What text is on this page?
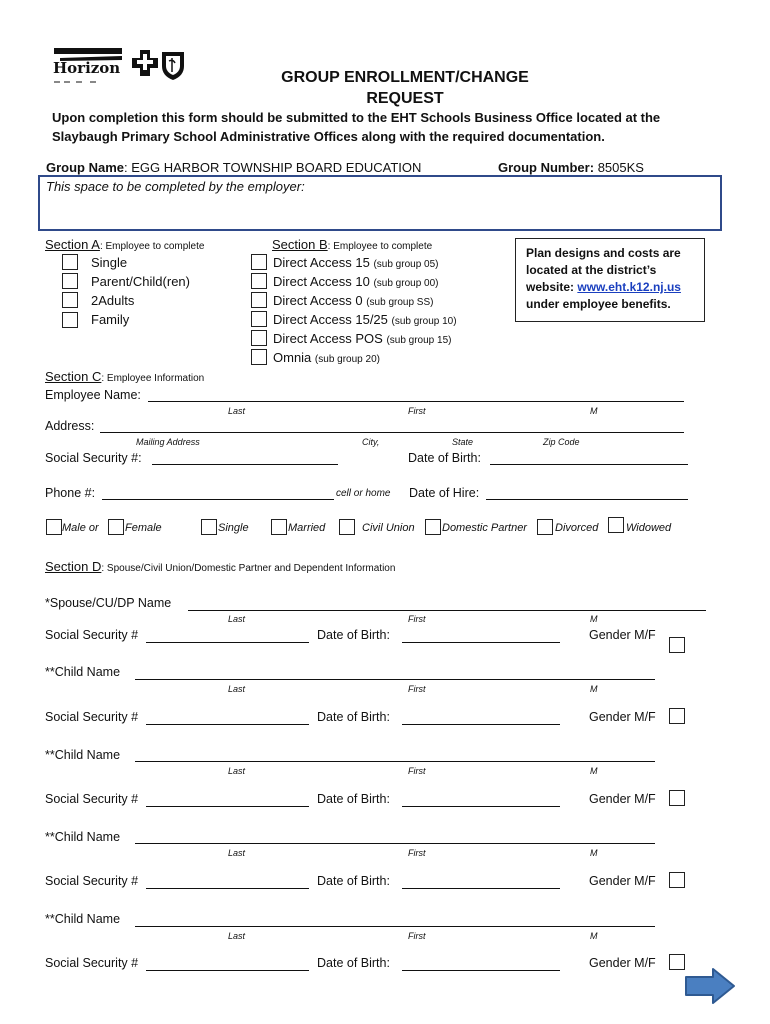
Horizon
GROUP ENROLLMENT/CHANGE
REQUEST
Upon completion this form should be submitted to the EHT Schools Business Office located at the
Slaybaugh Primary School Administrative Offices along with the required documentation.
Group Name: EGG HARBOR TOWNSHIP BOARD EDUCATION	Group Number: 8505KS
This space to be completed by the employer:
Section A: Employee to complete
Single
Parent/Child(ren)
2Adults
Family
Section B: Employee to complete
Direct Access 15 (sub group 05)
Direct Access 10 (sub group 00)
Direct Access 0 (sub group SS)
Direct Access 15/25 (sub group 10)
Direct Access POS (sub group 15)
Omnia (sub group 20)
Plan designs and costs are
located at the district’s
website: www.eht.k12.nj.us
under employee benefits.
Section C: Employee Information
Employee Name:
Last	First	M
Address:
Mailing Address	City,	State	Zip Code
Social Security #:	Date of Birth:
Phone #:	cell or home Date of Hire:
Male or Female	Single	Married	Civil Union Domestic Partner	Divorced	Widowed
Section D: Spouse/Civil Union/Domestic Partner and Dependent Information
*Spouse/CU/DP Name
Last	First	M
Social Security #	Date of Birth:	Gender M/F
**Child Name
Last	First	M
Social Security #	Date of Birth:	Gender M/F
**Child Name
Last	First	M
Social Security #	Date of Birth:	Gender M/F
**Child Name
Last	First	M
Social Security #	Date of Birth:	Gender M/F
**Child Name
Last	First	M
Social Security #	Date of Birth:	Gender M/F
